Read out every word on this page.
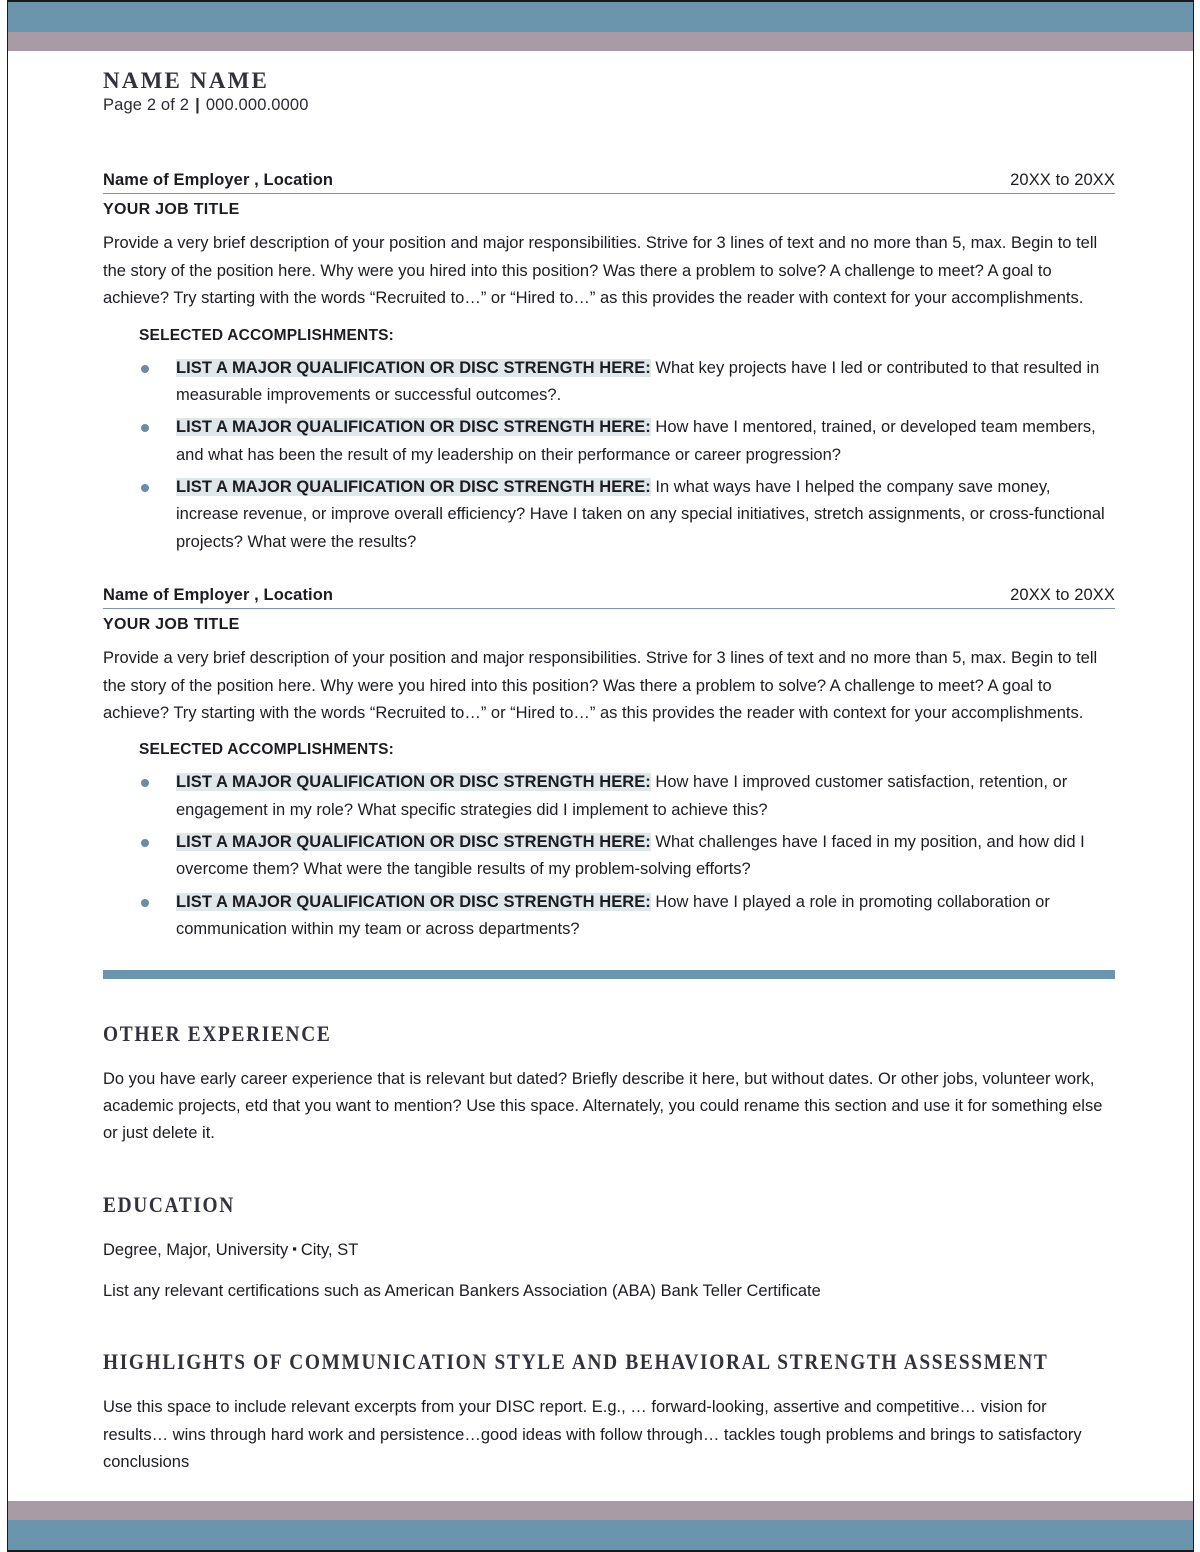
NAME NAME
Page 2 of 2 | 000.000.0000
Name of Employer , Location	20XX to 20XX
YOUR JOB TITLE
Provide a very brief description of your position and major responsibilities. Strive for 3 lines of text and no more than 5, max. Begin to tell the story of the position here. Why were you hired into this position? Was there a problem to solve? A challenge to meet? A goal to achieve? Try starting with the words “Recruited to…” or “Hired to…” as this provides the reader with context for your accomplishments.
SELECTED ACCOMPLISHMENTS:
LIST A MAJOR QUALIFICATION OR DISC STRENGTH HERE: What key projects have I led or contributed to that resulted in measurable improvements or successful outcomes?.
LIST A MAJOR QUALIFICATION OR DISC STRENGTH HERE: How have I mentored, trained, or developed team members, and what has been the result of my leadership on their performance or career progression?
LIST A MAJOR QUALIFICATION OR DISC STRENGTH HERE: In what ways have I helped the company save money, increase revenue, or improve overall efficiency? Have I taken on any special initiatives, stretch assignments, or cross-functional projects? What were the results?
Name of Employer , Location	20XX to 20XX
YOUR JOB TITLE
Provide a very brief description of your position and major responsibilities. Strive for 3 lines of text and no more than 5, max. Begin to tell the story of the position here. Why were you hired into this position? Was there a problem to solve? A challenge to meet? A goal to achieve? Try starting with the words “Recruited to…” or “Hired to…” as this provides the reader with context for your accomplishments.
SELECTED ACCOMPLISHMENTS:
LIST A MAJOR QUALIFICATION OR DISC STRENGTH HERE: How have I improved customer satisfaction, retention, or engagement in my role? What specific strategies did I implement to achieve this?
LIST A MAJOR QUALIFICATION OR DISC STRENGTH HERE: What challenges have I faced in my position, and how did I overcome them? What were the tangible results of my problem-solving efforts?
LIST A MAJOR QUALIFICATION OR DISC STRENGTH HERE: How have I played a role in promoting collaboration or communication within my team or across departments?
OTHER EXPERIENCE
Do you have early career experience that is relevant but dated? Briefly describe it here, but without dates. Or other jobs, volunteer work, academic projects, etd that you want to mention? Use this space. Alternately, you could rename this section and use it for something else or just delete it.
EDUCATION
Degree, Major, University ▪ City, ST
List any relevant certifications such as American Bankers Association (ABA) Bank Teller Certificate
HIGHLIGHTS OF COMMUNICATION STYLE AND BEHAVIORAL STRENGTH ASSESSMENT
Use this space to include relevant excerpts from your DISC report. E.g., … forward-looking, assertive and competitive… vision for results… wins through hard work and persistence…good ideas with follow through… tackles tough problems and brings to satisfactory conclusions
